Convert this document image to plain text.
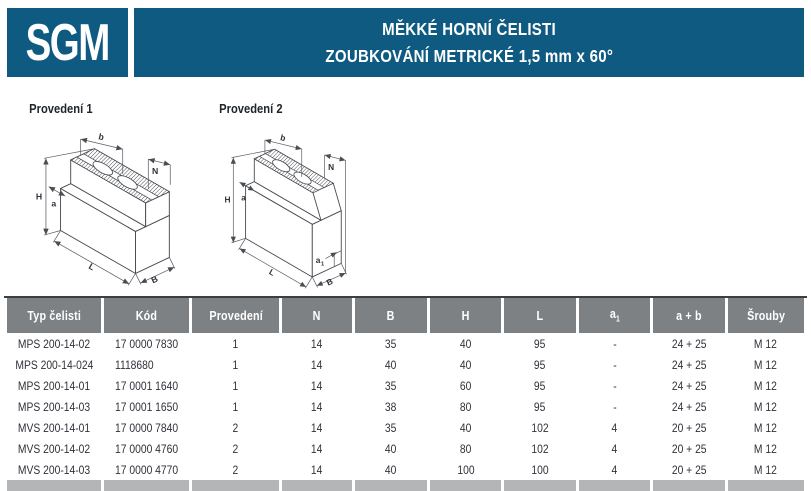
SGM	MĚKKÉ HORNÍ ČELISTI
ZOUBKOVÁNÍ METRICKÉ 1,5 mm x 60°
Provedení 1
H
a
b
N
L
B
Provedení 2
H a
b
N
L
a 1
B
Typ čelisti	Kód	Provedení	N	B	H	L	$a_1$	a + b	Šrouby
MPS 200-14-02	17 0000 7830	1	14	35	40	95	-	24 + 25	M 12
MPS 200-14-024	1118680	1	14	40	40	95	-	24 + 25	M 12
MPS 200-14-01	17 0001 1640	1	14	35	60	95	-	24 + 25	M 12
MPS 200-14-03	17 0001 1650	1	14	38	80	95	-	24 + 25	M 12
MVS 200-14-01	17 0000 7840	2	14	35	40	102	4	20 + 25	M 12
MVS 200-14-02	17 0000 4760	2	14	40	80	102	4	20 + 25	M 12
MVS 200-14-03	17 0000 4770	2	14	40	100	100	4	20 + 25	M 12
